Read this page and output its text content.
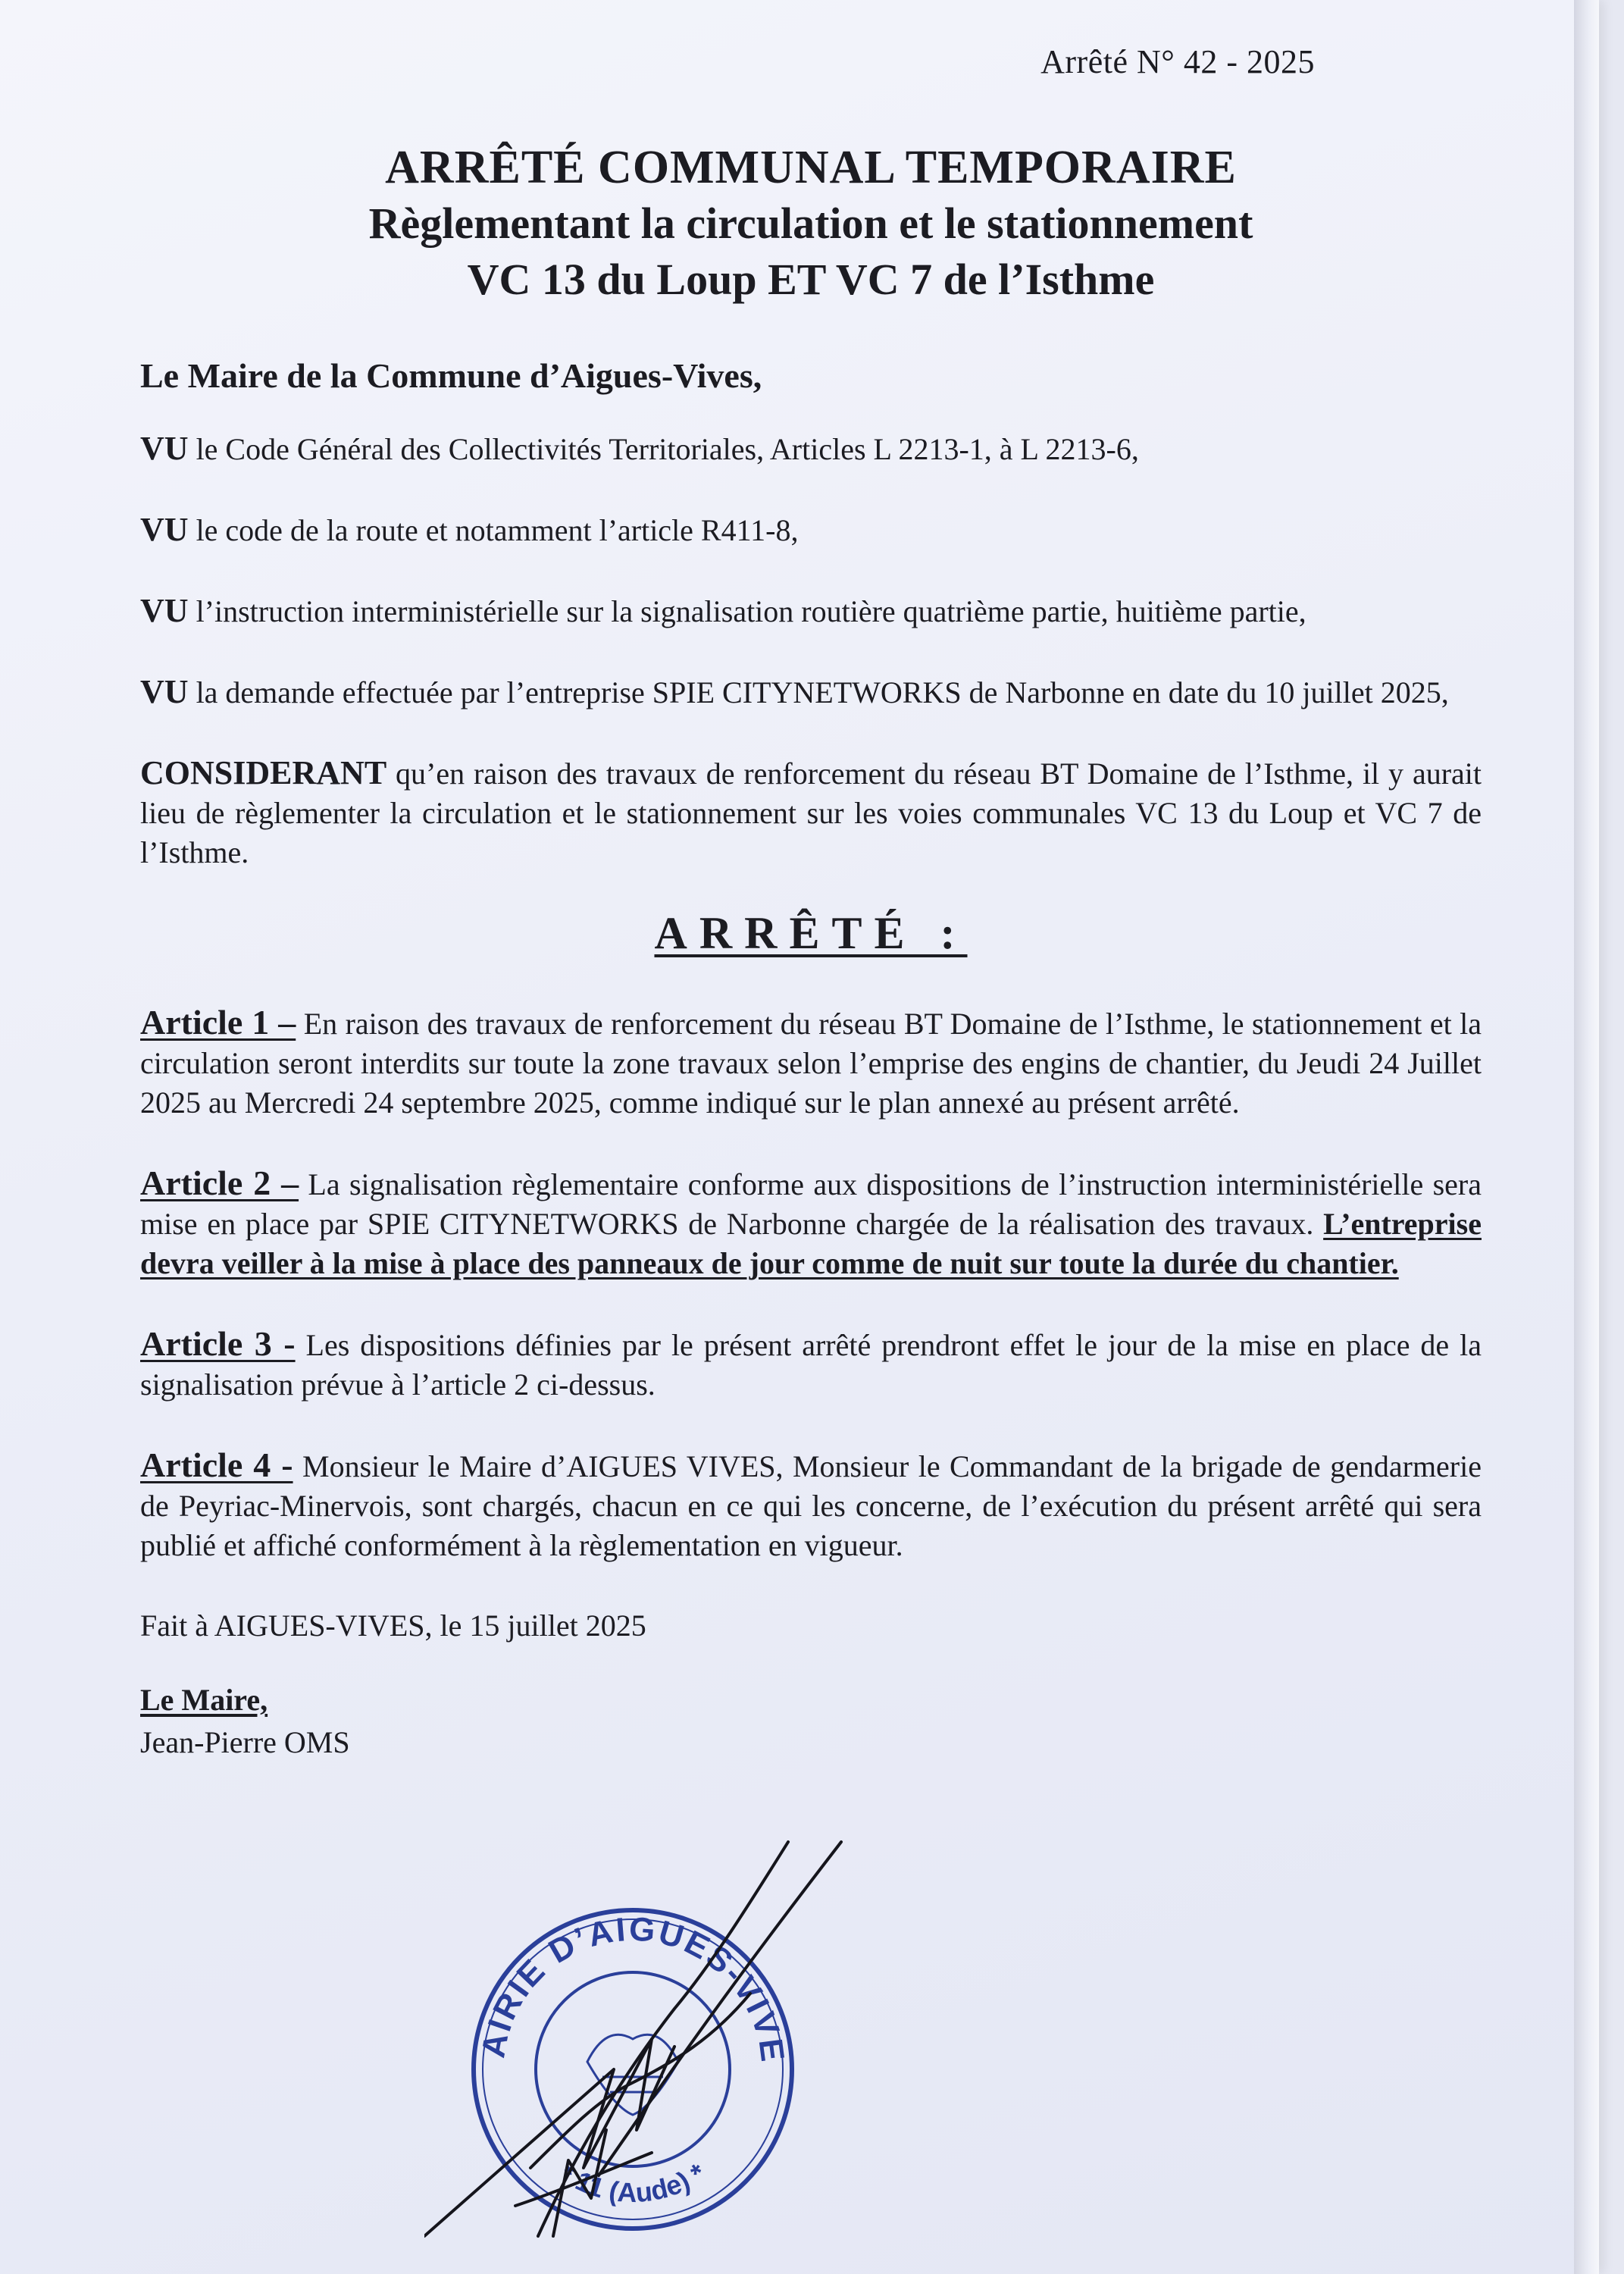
Arrêté N° 42 - 2025
ARRÊTÉ COMMUNAL TEMPORAIRE
Règlementant la circulation et le stationnement
VC 13 du Loup ET VC 7 de l’Isthme

Le Maire de la Commune d’Aigues-Vives,

VU le Code Général des Collectivités Territoriales, Articles L 2213-1, à L 2213-6,

VU le code de la route et notamment l’article R411-8,

VU l’instruction interministérielle sur la signalisation routière quatrième partie, huitième partie,

VU la demande effectuée par l’entreprise SPIE CITYNETWORKS de Narbonne en date du 10 juillet 2025,

CONSIDERANT qu’en raison des travaux de renforcement du réseau BT Domaine de l’Isthme, il y aurait lieu de règlementer la circulation et le stationnement sur les voies communales VC 13 du Loup et VC 7 de l’Isthme.

ARRÊTÉ :

Article 1 – En raison des travaux de renforcement du réseau BT Domaine de l’Isthme, le stationnement et la circulation seront interdits sur toute la zone travaux selon l’emprise des engins de chantier, du Jeudi 24 Juillet 2025 au Mercredi 24 septembre 2025, comme indiqué sur le plan annexé au présent arrêté.

Article 2 – La signalisation règlementaire conforme aux dispositions de l’instruction interministérielle sera mise en place par SPIE CITYNETWORKS de Narbonne chargée de la réalisation des travaux. L’entreprise devra veiller à la mise à place des panneaux de jour comme de nuit sur toute la durée du chantier.

Article 3 - Les dispositions définies par le présent arrêté prendront effet le jour de la mise en place de la signalisation prévue à l’article 2 ci-dessus.

Article 4 - Monsieur le Maire d’AIGUES VIVES, Monsieur le Commandant de la brigade de gendarmerie de Peyriac-Minervois, sont chargés, chacun en ce qui les concerne, de l’exécution du présent arrêté qui sera publié et affiché conformément à la règlementation en vigueur.

Fait à AIGUES-VIVES, le 15 juillet 2025

Le Maire,

Jean-Pierre OMS

AIRIE D’AIGUES-VIVE
* 11 (Aude) *
